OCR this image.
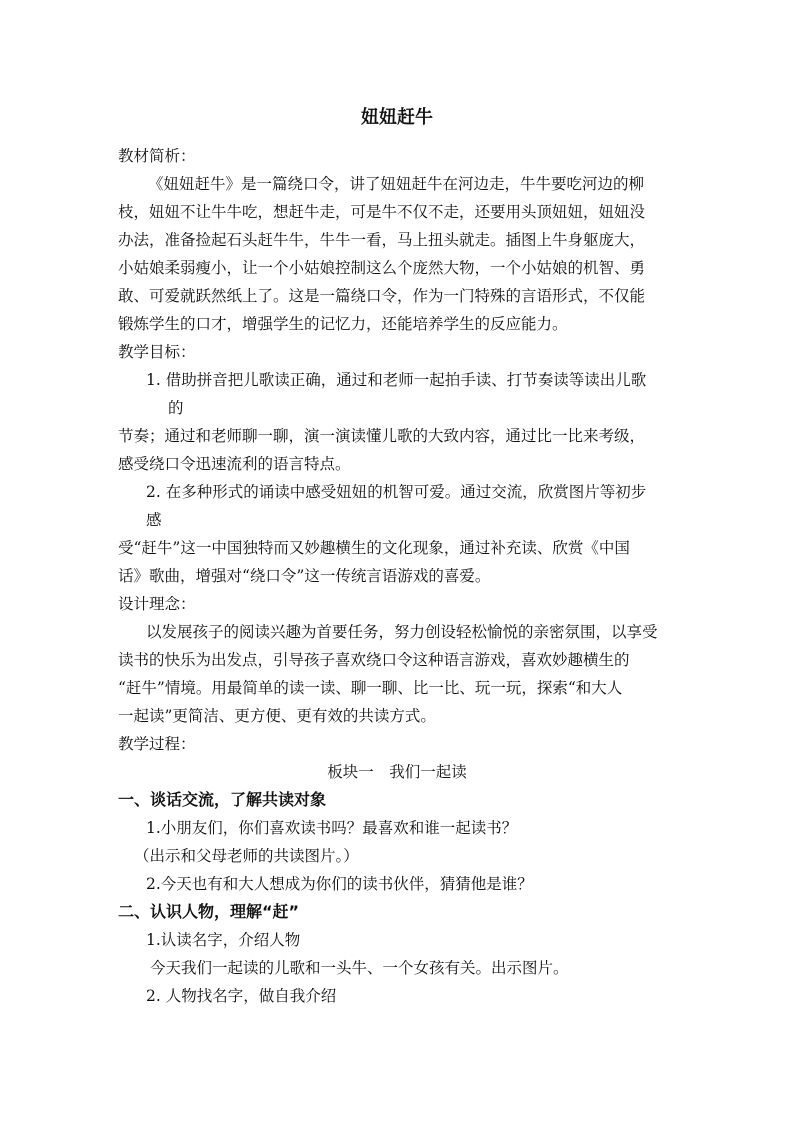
妞妞赶牛
教材简析：
《妞妞赶牛》是一篇绕口令，讲了妞妞赶牛在河边走，牛牛要吃河边的柳
枝，妞妞不让牛牛吃，想赶牛走，可是牛不仅不走，还要用头顶妞妞，妞妞没
办法，准备捡起石头赶牛牛，牛牛一看，马上扭头就走。插图上牛身躯庞大，
小姑娘柔弱瘦小，让一个小姑娘控制这么个庞然大物，一个小姑娘的机智、勇
敢、可爱就跃然纸上了。这是一篇绕口令，作为一门特殊的言语形式，不仅能
锻炼学生的口才，增强学生的记忆力，还能培养学生的反应能力。
教学目标：
1. 借助拼音把儿歌读正确，通过和老师一起拍手读、打节奏读等读出儿歌
的
节奏；通过和老师聊一聊，演一演读懂儿歌的大致内容，通过比一比来考级，
感受绕口令迅速流利的语言特点。
2. 在多种形式的诵读中感受妞妞的机智可爱。通过交流，欣赏图片等初步
感
受“赶牛”这一中国独特而又妙趣横生的文化现象，通过补充读、欣赏《中国
话》歌曲，增强对“绕口令”这一传统言语游戏的喜爱。
设计理念：
以发展孩子的阅读兴趣为首要任务，努力创设轻松愉悦的亲密氛围，以享受
读书的快乐为出发点，引导孩子喜欢绕口令这种语言游戏，喜欢妙趣横生的
“赶牛”情境。用最简单的读一读、聊一聊、比一比、玩一玩，探索“和大人
一起读”更简洁、更方便、更有效的共读方式。
教学过程：
板块一　我们一起读
一、谈话交流，了解共读对象
1.小朋友们，你们喜欢读书吗？最喜欢和谁一起读书？
（出示和父母老师的共读图片。）
2.今天也有和大人想成为你们的读书伙伴，猜猜他是谁？
二、认识人物，理解“赶”
1.认读名字，介绍人物
今天我们一起读的儿歌和一头牛、一个女孩有关。出示图片。
2. 人物找名字，做自我介绍
